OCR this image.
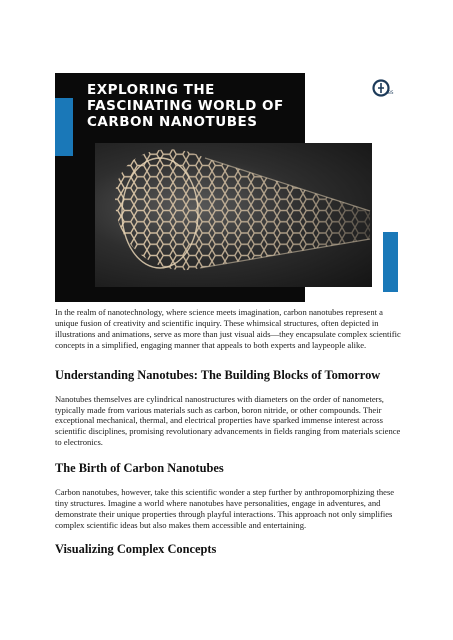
EXPLORING THE
FASCINATING WORLD OF
CARBON NANOTUBES
IBS

In the realm of nanotechnology, where science meets imagination, carbon nanotubes represent a unique fusion of creativity and scientific inquiry. These whimsical structures, often depicted in illustrations and animations, serve as more than just visual aids—they encapsulate complex scientific concepts in a simplified, engaging manner that appeals to both experts and laypeople alike.

Understanding Nanotubes: The Building Blocks of Tomorrow

Nanotubes themselves are cylindrical nanostructures with diameters on the order of nanometers, typically made from various materials such as carbon, boron nitride, or other compounds. Their exceptional mechanical, thermal, and electrical properties have sparked immense interest across scientific disciplines, promising revolutionary advancements in fields ranging from materials science to electronics.

The Birth of Carbon Nanotubes

Carbon nanotubes, however, take this scientific wonder a step further by anthropomorphizing these tiny structures. Imagine a world where nanotubes have personalities, engage in adventures, and demonstrate their unique properties through playful interactions. This approach not only simplifies complex scientific ideas but also makes them accessible and entertaining.

Visualizing Complex Concepts
